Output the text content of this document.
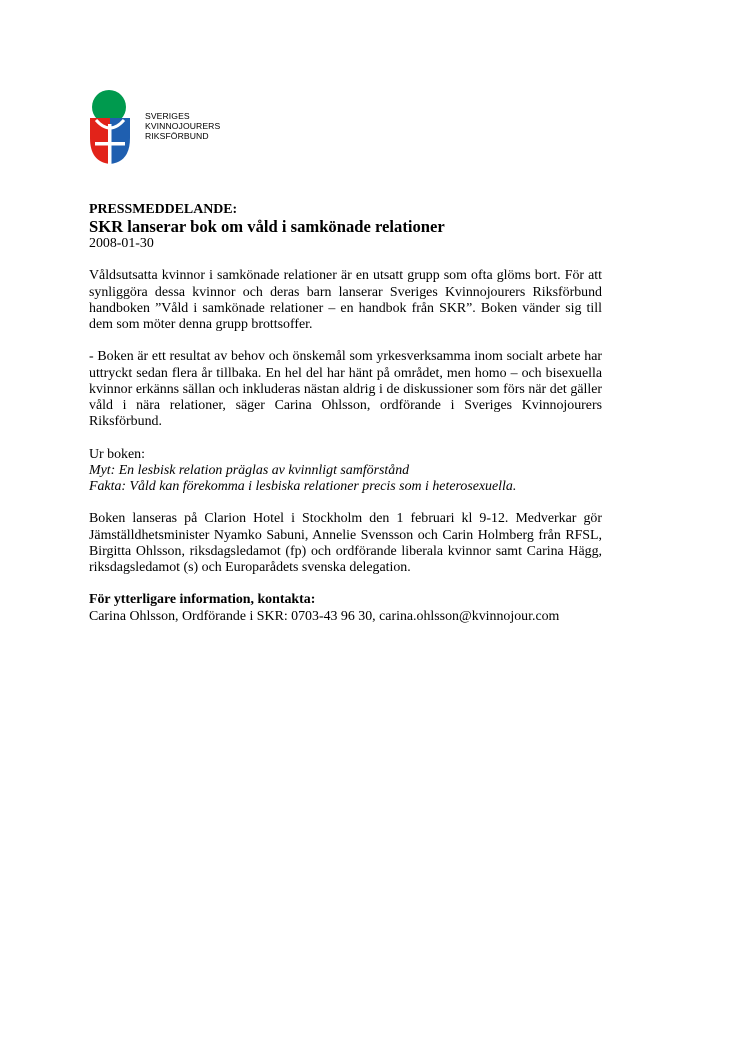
SVERIGES
KVINNOJOURERS
RIKSFÖRBUND
PRESSMEDDELANDE:
SKR lanserar bok om våld i samkönade relationer
2008-01-30

Våldsutsatta kvinnor i samkönade relationer är en utsatt grupp som ofta glöms bort. För att synliggöra dessa kvinnor och deras barn lanserar Sveriges Kvinnojourers Riksförbund handboken ”Våld i samkönade relationer – en handbok från SKR”. Boken vänder sig till dem som möter denna grupp brottsoffer.

- Boken är ett resultat av behov och önskemål som yrkesverksamma inom socialt arbete har uttryckt sedan flera år tillbaka. En hel del har hänt på området, men homo – och bisexuella kvinnor erkänns sällan och inkluderas nästan aldrig i de diskussioner som förs när det gäller våld i nära relationer, säger Carina Ohlsson, ordförande i Sveriges Kvinnojourers Riksförbund.

Ur boken:
Myt: En lesbisk relation präglas av kvinnligt samförstånd
Fakta: Våld kan förekomma i lesbiska relationer precis som i heterosexuella.

Boken lanseras på Clarion Hotel i Stockholm den 1 februari kl 9-12. Medverkar gör Jämställdhetsminister Nyamko Sabuni, Annelie Svensson och Carin Holmberg från RFSL, Birgitta Ohlsson, riksdagsledamot (fp) och ordförande liberala kvinnor samt Carina Hägg, riksdagsledamot (s) och Europarådets svenska delegation.

För ytterligare information, kontakta:
Carina Ohlsson, Ordförande i SKR: 0703-43 96 30, carina.ohlsson@kvinnojour.com
